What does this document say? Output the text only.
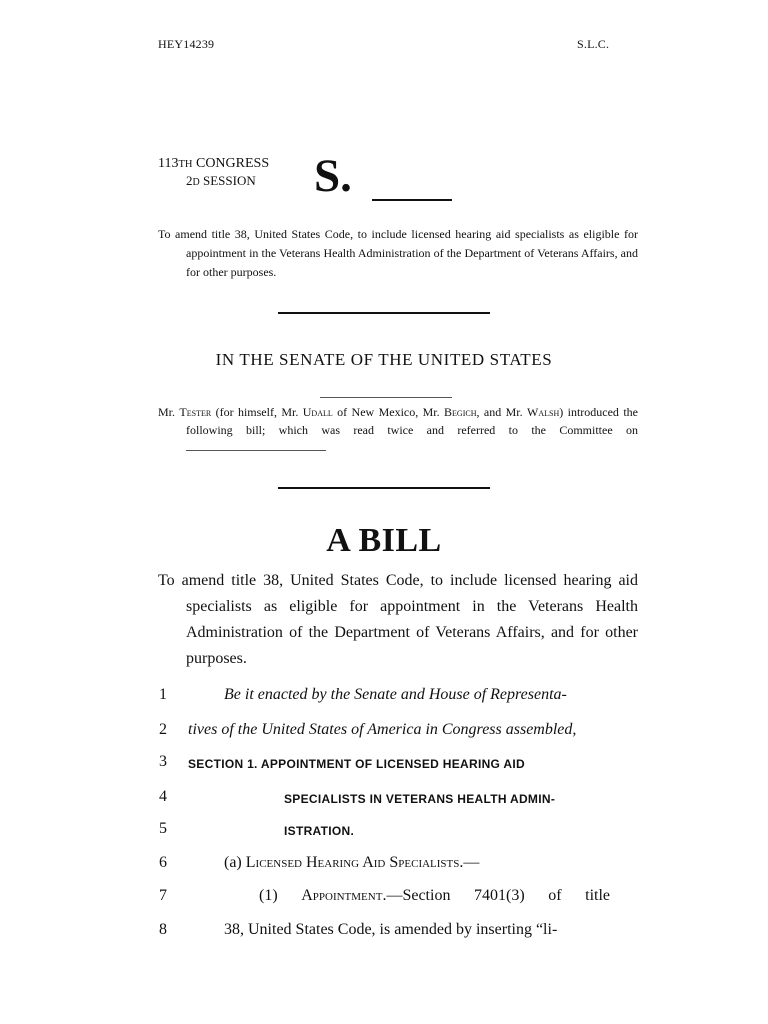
HEY14239	S.L.C.
113TH CONGRESS
2D SESSION S.
To amend title 38, United States Code, to include licensed hearing aid specialists as eligible for appointment in the Veterans Health Administration of the Department of Veterans Affairs, and for other purposes.
IN THE SENATE OF THE UNITED STATES
Mr. Tester (for himself, Mr. Udall of New Mexico, Mr. Begich, and Mr. Walsh) introduced the following bill; which was read twice and referred to the Committee on
A BILL
To amend title 38, United States Code, to include licensed hearing aid specialists as eligible for appointment in the Veterans Health Administration of the Department of Veterans Affairs, and for other purposes.
1	Be it enacted by the Senate and House of Representa-
2	tives of the United States of America in Congress assembled,
3	SECTION 1. APPOINTMENT OF LICENSED HEARING AID
4	SPECIALISTS IN VETERANS HEALTH ADMIN-
5	ISTRATION.
6	(a) Licensed Hearing Aid Specialists.—
7	(1) Appointment.—Section 7401(3) of title
8	38, United States Code, is amended by inserting “li-
